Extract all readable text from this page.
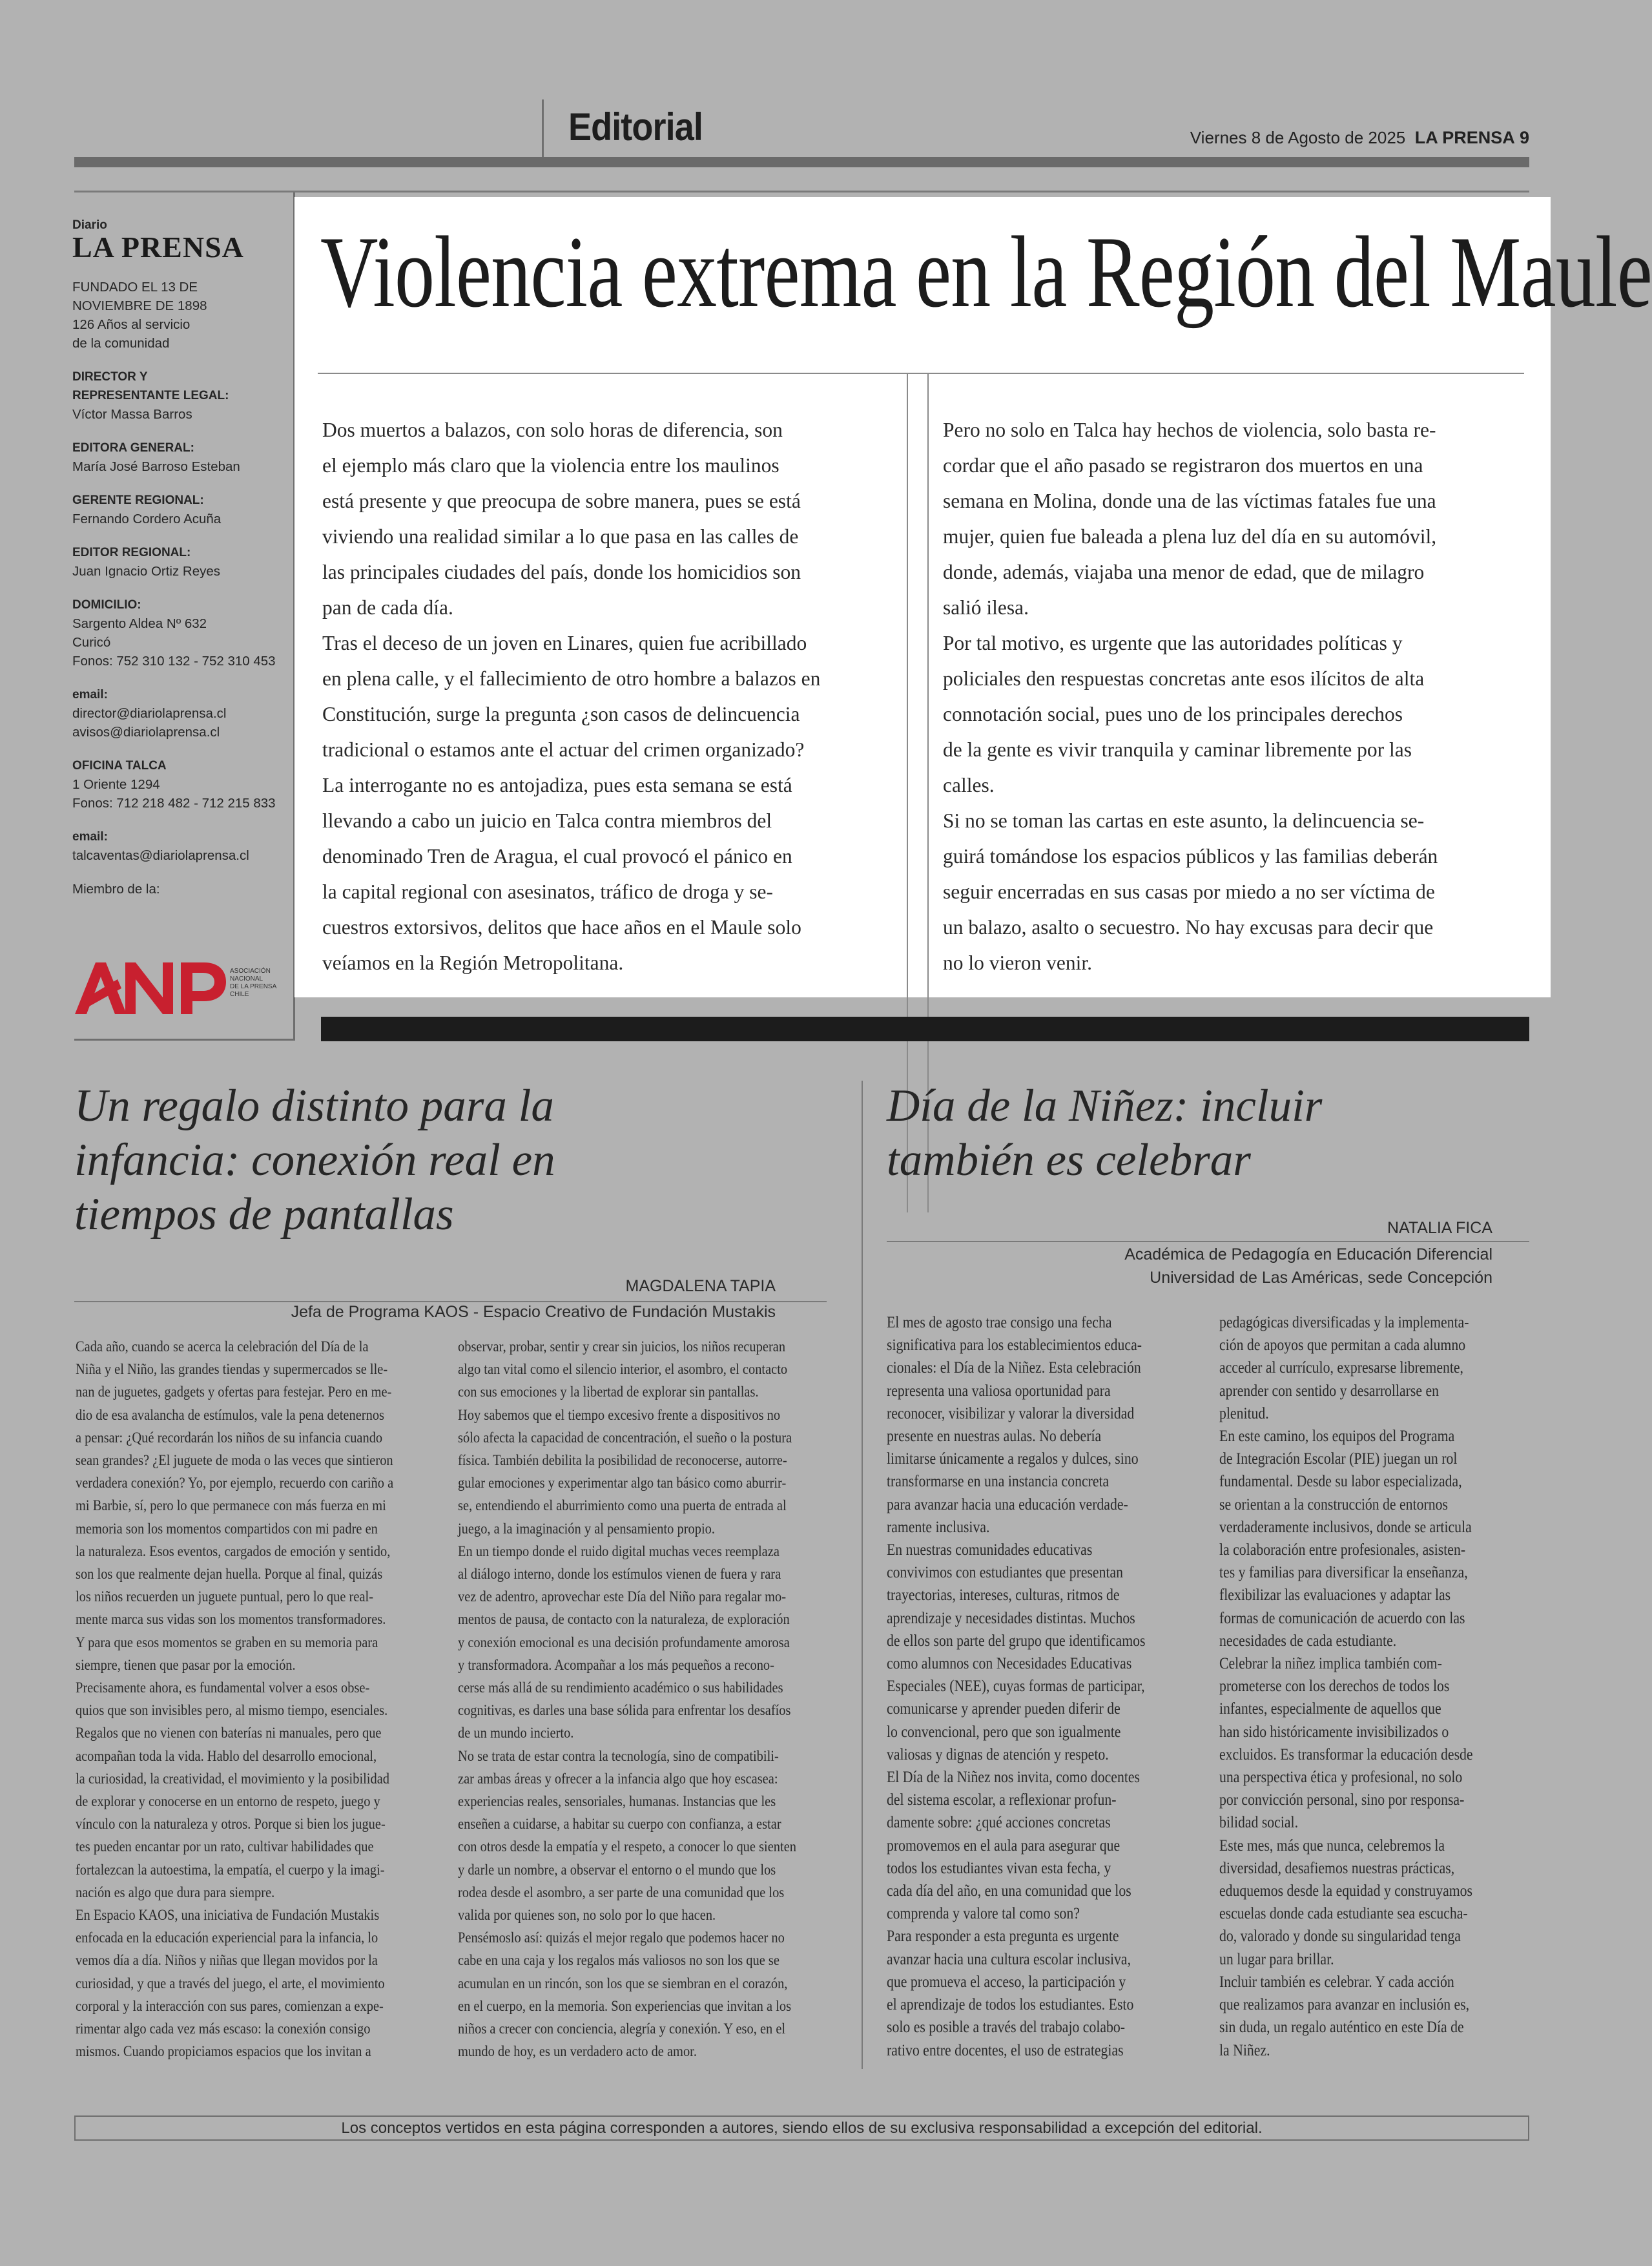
Editorial	Viernes 8 de Agosto de 2025 LA PRENSA 9
Diario
LA PRENSA
FUNDADO EL 13 DE
NOVIEMBRE DE 1898
126 Años al servicio
de la comunidad
DIRECTOR Y
REPRESENTANTE LEGAL:
Víctor Massa Barros
EDITORA GENERAL:
María José Barroso Esteban
GERENTE REGIONAL:
Fernando Cordero Acuña
EDITOR REGIONAL:
Juan Ignacio Ortiz Reyes
DOMICILIO:
Sargento Aldea Nº 632
Curicó
Fonos: 752 310 132 - 752 310 453
email:
director@diariolaprensa.cl
avisos@diariolaprensa.cl
OFICINA TALCA
1 Oriente 1294
Fonos: 712 218 482 - 712 215 833
email:
talcaventas@diariolaprensa.cl
Miembro de la:
ASOCIACIÓN
NACIONAL
DE LA PRENSA
CHILE
Violencia extrema en la Región del Maule
Dos muertos a balazos, con solo horas de diferencia, son
el ejemplo más claro que la violencia entre los maulinos
está presente y que preocupa de sobre manera, pues se está
viviendo una realidad similar a lo que pasa en las calles de
las principales ciudades del país, donde los homicidios son
pan de cada día.
Tras el deceso de un joven en Linares, quien fue acribillado
en plena calle, y el fallecimiento de otro hombre a balazos en
Constitución, surge la pregunta ¿son casos de delincuencia
tradicional o estamos ante el actuar del crimen organizado?
La interrogante no es antojadiza, pues esta semana se está
llevando a cabo un juicio en Talca contra miembros del
denominado Tren de Aragua, el cual provocó el pánico en
la capital regional con asesinatos, tráfico de droga y se-
cuestros extorsivos, delitos que hace años en el Maule solo
veíamos en la Región Metropolitana.
Pero no solo en Talca hay hechos de violencia, solo basta re-
cordar que el año pasado se registraron dos muertos en una
semana en Molina, donde una de las víctimas fatales fue una
mujer, quien fue baleada a plena luz del día en su automóvil,
donde, además, viajaba una menor de edad, que de milagro
salió ilesa.
Por tal motivo, es urgente que las autoridades políticas y
policiales den respuestas concretas ante esos ilícitos de alta
connotación social, pues uno de los principales derechos
de la gente es vivir tranquila y caminar libremente por las
calles.
Si no se toman las cartas en este asunto, la delincuencia se-
guirá tomándose los espacios públicos y las familias deberán
seguir encerradas en sus casas por miedo a no ser víctima de
un balazo, asalto o secuestro. No hay excusas para decir que
no lo vieron venir.
Un regalo distinto para la
infancia: conexión real en
tiempos de pantallas
MAGDALENA TAPIA
Jefa de Programa KAOS - Espacio Creativo de Fundación Mustakis
Cada año, cuando se acerca la celebración del Día de la
Niña y el Niño, las grandes tiendas y supermercados se lle-
nan de juguetes, gadgets y ofertas para festejar. Pero en me-
dio de esa avalancha de estímulos, vale la pena detenernos
a pensar: ¿Qué recordarán los niños de su infancia cuando
sean grandes? ¿El juguete de moda o las veces que sintieron
verdadera conexión? Yo, por ejemplo, recuerdo con cariño a
mi Barbie, sí, pero lo que permanece con más fuerza en mi
memoria son los momentos compartidos con mi padre en
la naturaleza. Esos eventos, cargados de emoción y sentido,
son los que realmente dejan huella. Porque al final, quizás
los niños recuerden un juguete puntual, pero lo que real-
mente marca sus vidas son los momentos transformadores.
Y para que esos momentos se graben en su memoria para
siempre, tienen que pasar por la emoción.
Precisamente ahora, es fundamental volver a esos obse-
quios que son invisibles pero, al mismo tiempo, esenciales.
Regalos que no vienen con baterías ni manuales, pero que
acompañan toda la vida. Hablo del desarrollo emocional,
la curiosidad, la creatividad, el movimiento y la posibilidad
de explorar y conocerse en un entorno de respeto, juego y
vínculo con la naturaleza y otros. Porque si bien los jugue-
tes pueden encantar por un rato, cultivar habilidades que
fortalezcan la autoestima, la empatía, el cuerpo y la imagi-
nación es algo que dura para siempre.
En Espacio KAOS, una iniciativa de Fundación Mustakis
enfocada en la educación experiencial para la infancia, lo
vemos día a día. Niños y niñas que llegan movidos por la
curiosidad, y que a través del juego, el arte, el movimiento
corporal y la interacción con sus pares, comienzan a expe-
rimentar algo cada vez más escaso: la conexión consigo
mismos. Cuando propiciamos espacios que los invitan a
observar, probar, sentir y crear sin juicios, los niños recuperan
algo tan vital como el silencio interior, el asombro, el contacto
con sus emociones y la libertad de explorar sin pantallas.
Hoy sabemos que el tiempo excesivo frente a dispositivos no
sólo afecta la capacidad de concentración, el sueño o la postura
física. También debilita la posibilidad de reconocerse, autorre-
gular emociones y experimentar algo tan básico como aburrir-
se, entendiendo el aburrimiento como una puerta de entrada al
juego, a la imaginación y al pensamiento propio.
En un tiempo donde el ruido digital muchas veces reemplaza
al diálogo interno, donde los estímulos vienen de fuera y rara
vez de adentro, aprovechar este Día del Niño para regalar mo-
mentos de pausa, de contacto con la naturaleza, de exploración
y conexión emocional es una decisión profundamente amorosa
y transformadora. Acompañar a los más pequeños a recono-
cerse más allá de su rendimiento académico o sus habilidades
cognitivas, es darles una base sólida para enfrentar los desafíos
de un mundo incierto.
No se trata de estar contra la tecnología, sino de compatibili-
zar ambas áreas y ofrecer a la infancia algo que hoy escasea:
experiencias reales, sensoriales, humanas. Instancias que les
enseñen a cuidarse, a habitar su cuerpo con confianza, a estar
con otros desde la empatía y el respeto, a conocer lo que sienten
y darle un nombre, a observar el entorno o el mundo que los
rodea desde el asombro, a ser parte de una comunidad que los
valida por quienes son, no solo por lo que hacen.
Pensémoslo así: quizás el mejor regalo que podemos hacer no
cabe en una caja y los regalos más valiosos no son los que se
acumulan en un rincón, son los que se siembran en el corazón,
en el cuerpo, en la memoria. Son experiencias que invitan a los
niños a crecer con conciencia, alegría y conexión. Y eso, en el
mundo de hoy, es un verdadero acto de amor.
Día de la Niñez: incluir
también es celebrar
NATALIA FICA
Académica de Pedagogía en Educación Diferencial
Universidad de Las Américas, sede Concepción
El mes de agosto trae consigo una fecha
significativa para los establecimientos educa-
cionales: el Día de la Niñez. Esta celebración
representa una valiosa oportunidad para
reconocer, visibilizar y valorar la diversidad
presente en nuestras aulas. No debería
limitarse únicamente a regalos y dulces, sino
transformarse en una instancia concreta
para avanzar hacia una educación verdade-
ramente inclusiva.
En nuestras comunidades educativas
convivimos con estudiantes que presentan
trayectorias, intereses, culturas, ritmos de
aprendizaje y necesidades distintas. Muchos
de ellos son parte del grupo que identificamos
como alumnos con Necesidades Educativas
Especiales (NEE), cuyas formas de participar,
comunicarse y aprender pueden diferir de
lo convencional, pero que son igualmente
valiosas y dignas de atención y respeto.
El Día de la Niñez nos invita, como docentes
del sistema escolar, a reflexionar profun-
damente sobre: ¿qué acciones concretas
promovemos en el aula para asegurar que
todos los estudiantes vivan esta fecha, y
cada día del año, en una comunidad que los
comprenda y valore tal como son?
Para responder a esta pregunta es urgente
avanzar hacia una cultura escolar inclusiva,
que promueva el acceso, la participación y
el aprendizaje de todos los estudiantes. Esto
solo es posible a través del trabajo colabo-
rativo entre docentes, el uso de estrategias
pedagógicas diversificadas y la implementa-
ción de apoyos que permitan a cada alumno
acceder al currículo, expresarse libremente,
aprender con sentido y desarrollarse en
plenitud.
En este camino, los equipos del Programa
de Integración Escolar (PIE) juegan un rol
fundamental. Desde su labor especializada,
se orientan a la construcción de entornos
verdaderamente inclusivos, donde se articula
la colaboración entre profesionales, asisten-
tes y familias para diversificar la enseñanza,
flexibilizar las evaluaciones y adaptar las
formas de comunicación de acuerdo con las
necesidades de cada estudiante.
Celebrar la niñez implica también com-
prometerse con los derechos de todos los
infantes, especialmente de aquellos que
han sido históricamente invisibilizados o
excluidos. Es transformar la educación desde
una perspectiva ética y profesional, no solo
por convicción personal, sino por responsa-
bilidad social.
Este mes, más que nunca, celebremos la
diversidad, desafiemos nuestras prácticas,
eduquemos desde la equidad y construyamos
escuelas donde cada estudiante sea escucha-
do, valorado y donde su singularidad tenga
un lugar para brillar.
Incluir también es celebrar. Y cada acción
que realizamos para avanzar en inclusión es,
sin duda, un regalo auténtico en este Día de
la Niñez.
Los conceptos vertidos en esta página corresponden a autores, siendo ellos de su exclusiva responsabilidad a excepción del editorial.
